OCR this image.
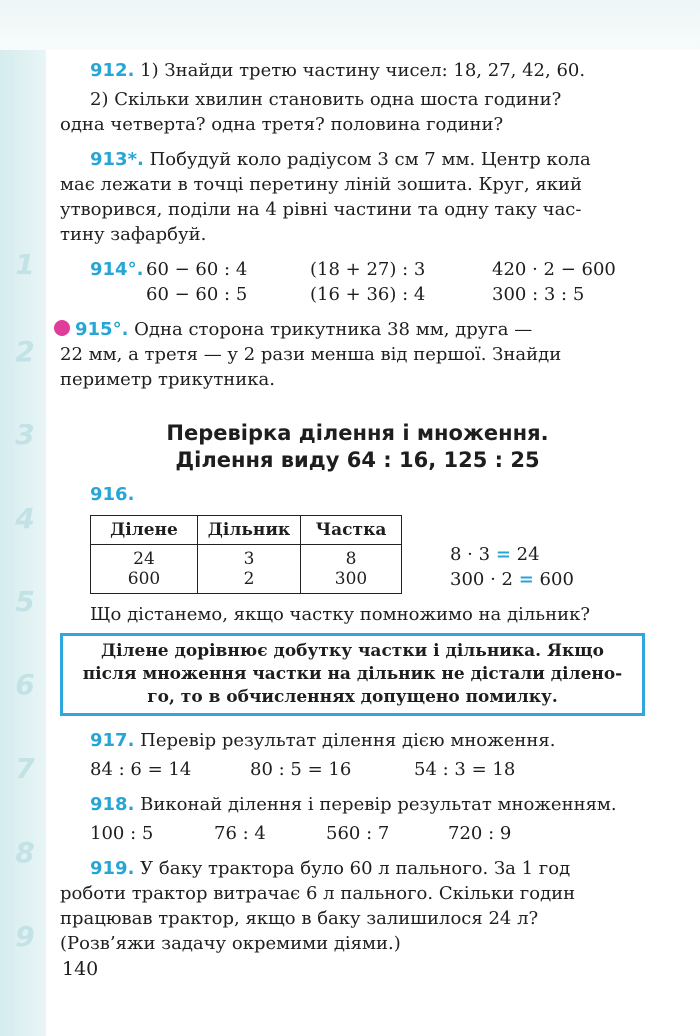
1
2
3
4
5
6
7
8
9

912. 1) Знайди третю частину чисел: 18, 27, 42, 60.

2) Скільки хвилин становить одна шоста години?

одна четверта? одна третя? половина години?

913*. Побудуй коло радіусом 3 см 7 мм. Центр кола

має лежати в точці перетину ліній зошита. Круг, який

утворився, поділи на 4 рівні частини та одну таку час-

тину зафарбуй.

914°. 60 − 60 : 4	(18 + 27) : 3	420 · 2 − 600
60 − 60 : 5	(16 + 36) : 4	300 : 3 : 5

915°. Одна сторона трикутника 38 мм, друга —

22 мм, а третя — у 2 рази менша від першої. Знайди

периметр трикутника.

Перевірка ділення і множення.
Ділення виду 64 : 16, 125 : 25

916.

Ділене	Дільник	Частка
24	3	8
600	2	300
8 · 3 = 24
300 · 2 = 600

Що дістанемо, якщо частку помножимо на дільник?

Ділене дорівнює добутку частки і дільника. Якщо
після множення частки на дільник не дістали ділено-
го, то в обчисленнях допущено помилку.

917. Перевір результат ділення дією множення.

84 : 6 = 14	80 : 5 = 16	54 : 3 = 18

918. Виконай ділення і перевір результат множенням.

100 : 5	76 : 4	560 : 7	720 : 9

919. У баку трактора було 60 л пального. За 1 год

роботи трактор витрачає 6 л пального. Скільки годин

працював трактор, якщо в баку залишилося 24 л?

(Розв’яжи задачу окремими діями.)

140
